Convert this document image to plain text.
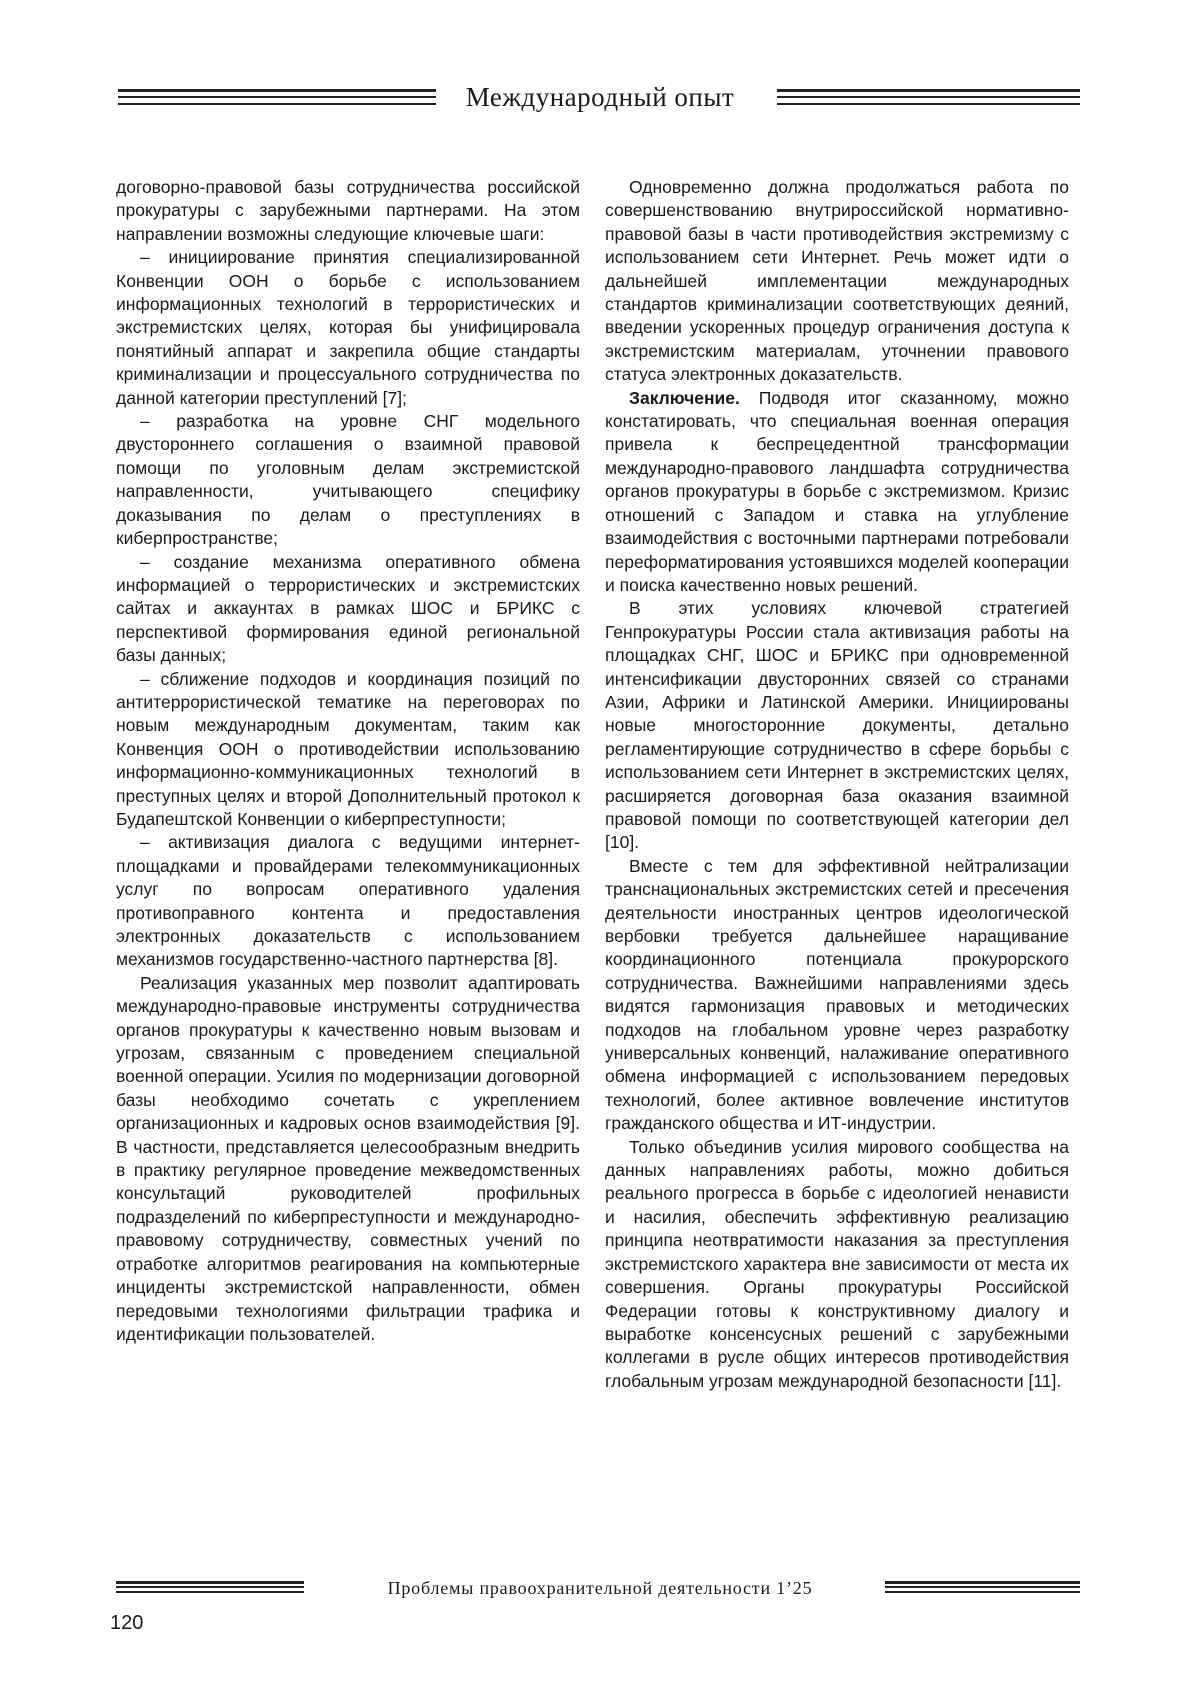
Международный опыт

договорно-правовой базы сотрудничества российской прокуратуры с зарубежными партнерами. На этом направлении возможны следующие ключевые шаги:

– инициирование принятия специализированной Конвенции ООН о борьбе с использованием информационных технологий в террористических и экстремистских целях, которая бы унифицировала понятийный аппарат и закрепила общие стандарты криминализации и процессуального сотрудничества по данной категории преступлений [7];

– разработка на уровне СНГ модельного двустороннего соглашения о взаимной правовой помощи по уголовным делам экстремистской направленности, учитывающего специфику доказывания по делам о преступлениях в киберпространстве;

– создание механизма оперативного обмена информацией о террористических и экстремистских сайтах и аккаунтах в рамках ШОС и БРИКС с перспективой формирования единой региональной базы данных;

– сближение подходов и координация позиций по антитеррористической тематике на переговорах по новым международным документам, таким как Конвенция ООН о противодействии использованию информационно-коммуникационных технологий в преступных целях и второй Дополнительный протокол к Будапештской Конвенции о киберпреступности;

– активизация диалога с ведущими интернет-площадками и провайдерами телекоммуникационных услуг по вопросам оперативного удаления противоправного контента и предоставления электронных доказательств с использованием механизмов государственно-частного партнерства [8].

Реализация указанных мер позволит адаптировать международно-правовые инструменты сотрудничества органов прокуратуры к качественно новым вызовам и угрозам, связанным с проведением специальной военной операции. Усилия по модернизации договорной базы необходимо сочетать с укреплением организационных и кадровых основ взаимодействия [9]. В частности, представляется целесообразным внедрить в практику регулярное проведение межведомственных консультаций руководителей профильных подразделений по киберпреступности и международно-правовому сотрудничеству, совместных учений по отработке алгоритмов реагирования на компьютерные инциденты экстремистской направленности, обмен передовыми технологиями фильтрации трафика и идентификации пользователей.

Одновременно должна продолжаться работа по совершенствованию внутрироссийской нормативно-правовой базы в части противодействия экстремизму с использованием сети Интернет. Речь может идти о дальнейшей имплементации международных стандартов криминализации соответствующих деяний, введении ускоренных процедур ограничения доступа к экстремистским материалам, уточнении правового статуса электронных доказательств.

Заключение. Подводя итог сказанному, можно констатировать, что специальная военная операция привела к беспрецедентной трансформации международно-правового ландшафта сотрудничества органов прокуратуры в борьбе с экстремизмом. Кризис отношений с Западом и ставка на углубление взаимодействия с восточными партнерами потребовали переформатирования устоявшихся моделей кооперации и поиска качественно новых решений.

В этих условиях ключевой стратегией Генпрокуратуры России стала активизация работы на площадках СНГ, ШОС и БРИКС при одновременной интенсификации двусторонних связей со странами Азии, Африки и Латинской Америки. Инициированы новые многосторонние документы, детально регламентирующие сотрудничество в сфере борьбы с использованием сети Интернет в экстремистских целях, расширяется договорная база оказания взаимной правовой помощи по соответствующей категории дел [10].

Вместе с тем для эффективной нейтрализации транснациональных экстремистских сетей и пресечения деятельности иностранных центров идеологической вербовки требуется дальнейшее наращивание координационного потенциала прокурорского сотрудничества. Важнейшими направлениями здесь видятся гармонизация правовых и методических подходов на глобальном уровне через разработку универсальных конвенций, налаживание оперативного обмена информацией с использованием передовых технологий, более активное вовлечение институтов гражданского общества и ИТ-индустрии.

Только объединив усилия мирового сообщества на данных направлениях работы, можно добиться реального прогресса в борьбе с идеологией ненависти и насилия, обеспечить эффективную реализацию принципа неотвратимости наказания за преступления экстремистского характера вне зависимости от места их совершения. Органы прокуратуры Российской Федерации готовы к конструктивному диалогу и выработке консенсусных решений с зарубежными коллегами в русле общих интересов противодействия глобальным угрозам международной безопасности [11].

Проблемы правоохранительной деятельности 1’25
120
